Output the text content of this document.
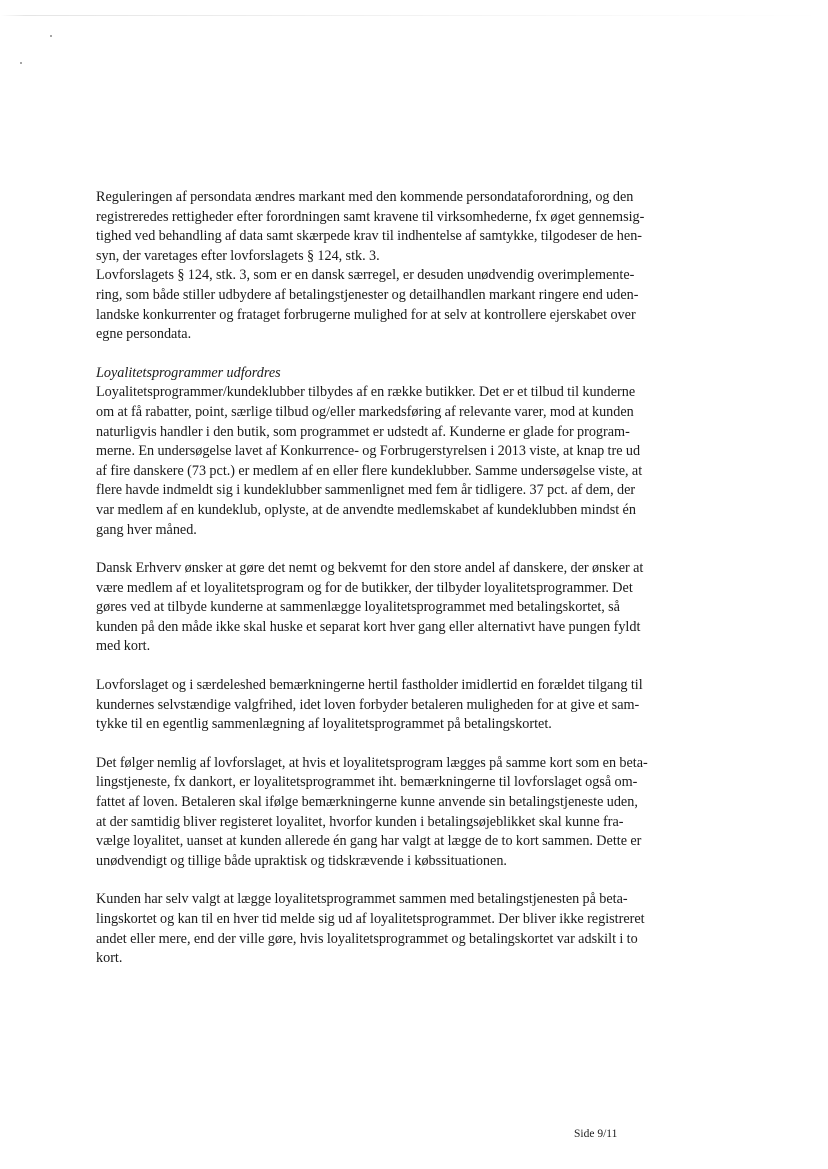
Reguleringen af persondata ændres markant med den kommende persondataforordning, og den
registreredes rettigheder efter forordningen samt kravene til virksomhederne, fx øget gennemsig-
tighed ved behandling af data samt skærpede krav til indhentelse af samtykke, tilgodeser de hen-
syn, der varetages efter lovforslagets § 124, stk. 3.
Lovforslagets § 124, stk. 3, som er en dansk særregel, er desuden unødvendig overimplemente-
ring, som både stiller udbydere af betalingstjenester og detailhandlen markant ringere end uden-
landske konkurrenter og frataget forbrugerne mulighed for at selv at kontrollere ejerskabet over
egne persondata.

Loyalitetsprogrammer udfordres
Loyalitetsprogrammer/kundeklubber tilbydes af en række butikker. Det er et tilbud til kunderne
om at få rabatter, point, særlige tilbud og/eller markedsføring af relevante varer, mod at kunden
naturligvis handler i den butik, som programmet er udstedt af. Kunderne er glade for program-
merne. En undersøgelse lavet af Konkurrence- og Forbrugerstyrelsen i 2013 viste, at knap tre ud
af fire danskere (73 pct.) er medlem af en eller flere kundeklubber. Samme undersøgelse viste, at
flere havde indmeldt sig i kundeklubber sammenlignet med fem år tidligere. 37 pct. af dem, der
var medlem af en kundeklub, oplyste, at de anvendte medlemskabet af kundeklubben mindst én
gang hver måned.

Dansk Erhverv ønsker at gøre det nemt og bekvemt for den store andel af danskere, der ønsker at
være medlem af et loyalitetsprogram og for de butikker, der tilbyder loyalitetsprogrammer. Det
gøres ved at tilbyde kunderne at sammenlægge loyalitetsprogrammet med betalingskortet, så
kunden på den måde ikke skal huske et separat kort hver gang eller alternativt have pungen fyldt
med kort.

Lovforslaget og i særdeleshed bemærkningerne hertil fastholder imidlertid en forældet tilgang til
kundernes selvstændige valgfrihed, idet loven forbyder betaleren muligheden for at give et sam-
tykke til en egentlig sammenlægning af loyalitetsprogrammet på betalingskortet.

Det følger nemlig af lovforslaget, at hvis et loyalitetsprogram lægges på samme kort som en beta-
lingstjeneste, fx dankort, er loyalitetsprogrammet iht. bemærkningerne til lovforslaget også om-
fattet af loven. Betaleren skal ifølge bemærkningerne kunne anvende sin betalingstjeneste uden,
at der samtidig bliver registeret loyalitet, hvorfor kunden i betalingsøjeblikket skal kunne fra-
vælge loyalitet, uanset at kunden allerede én gang har valgt at lægge de to kort sammen. Dette er
unødvendigt og tillige både upraktisk og tidskrævende i købssituationen.

Kunden har selv valgt at lægge loyalitetsprogrammet sammen med betalingstjenesten på beta-
lingskortet og kan til en hver tid melde sig ud af loyalitetsprogrammet. Der bliver ikke registreret
andet eller mere, end der ville gøre, hvis loyalitetsprogrammet og betalingskortet var adskilt i to
kort.

Side 9/11
